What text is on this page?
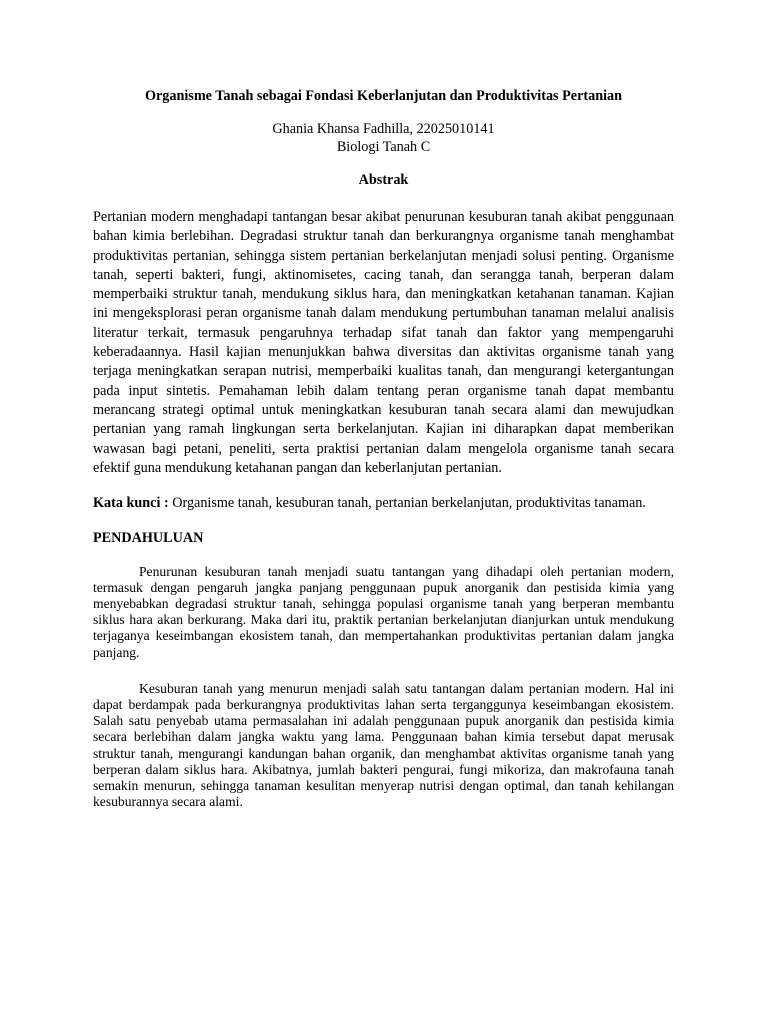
Organisme Tanah sebagai Fondasi Keberlanjutan dan Produktivitas Pertanian

Ghania Khansa Fadhilla, 22025010141

Biologi Tanah C

Abstrak

Pertanian modern menghadapi tantangan besar akibat penurunan kesuburan tanah akibat penggunaan bahan kimia berlebihan. Degradasi struktur tanah dan berkurangnya organisme tanah menghambat produktivitas pertanian, sehingga sistem pertanian berkelanjutan menjadi solusi penting. Organisme tanah, seperti bakteri, fungi, aktinomisetes, cacing tanah, dan serangga tanah, berperan dalam memperbaiki struktur tanah, mendukung siklus hara, dan meningkatkan ketahanan tanaman. Kajian ini mengeksplorasi peran organisme tanah dalam mendukung pertumbuhan tanaman melalui analisis literatur terkait, termasuk pengaruhnya terhadap sifat tanah dan faktor yang mempengaruhi keberadaannya. Hasil kajian menunjukkan bahwa diversitas dan aktivitas organisme tanah yang terjaga meningkatkan serapan nutrisi, memperbaiki kualitas tanah, dan mengurangi ketergantungan pada input sintetis. Pemahaman lebih dalam tentang peran organisme tanah dapat membantu merancang strategi optimal untuk meningkatkan kesuburan tanah secara alami dan mewujudkan pertanian yang ramah lingkungan serta berkelanjutan. Kajian ini diharapkan dapat memberikan wawasan bagi petani, peneliti, serta praktisi pertanian dalam mengelola organisme tanah secara efektif guna mendukung ketahanan pangan dan keberlanjutan pertanian.

Kata kunci : Organisme tanah, kesuburan tanah, pertanian berkelanjutan, produktivitas tanaman.

PENDAHULUAN

Penurunan kesuburan tanah menjadi suatu tantangan yang dihadapi oleh pertanian modern, termasuk dengan pengaruh jangka panjang penggunaan pupuk anorganik dan pestisida kimia yang menyebabkan degradasi struktur tanah, sehingga populasi organisme tanah yang berperan membantu siklus hara akan berkurang. Maka dari itu, praktik pertanian berkelanjutan dianjurkan untuk mendukung terjaganya keseimbangan ekosistem tanah, dan mempertahankan produktivitas pertanian dalam jangka panjang.

Kesuburan tanah yang menurun menjadi salah satu tantangan dalam pertanian modern. Hal ini dapat berdampak pada berkurangnya produktivitas lahan serta terganggunya keseimbangan ekosistem. Salah satu penyebab utama permasalahan ini adalah penggunaan pupuk anorganik dan pestisida kimia secara berlebihan dalam jangka waktu yang lama. Penggunaan bahan kimia tersebut dapat merusak struktur tanah, mengurangi kandungan bahan organik, dan menghambat aktivitas organisme tanah yang berperan dalam siklus hara. Akibatnya, jumlah bakteri pengurai, fungi mikoriza, dan makrofauna tanah semakin menurun, sehingga tanaman kesulitan menyerap nutrisi dengan optimal, dan tanah kehilangan kesuburannya secara alami.
